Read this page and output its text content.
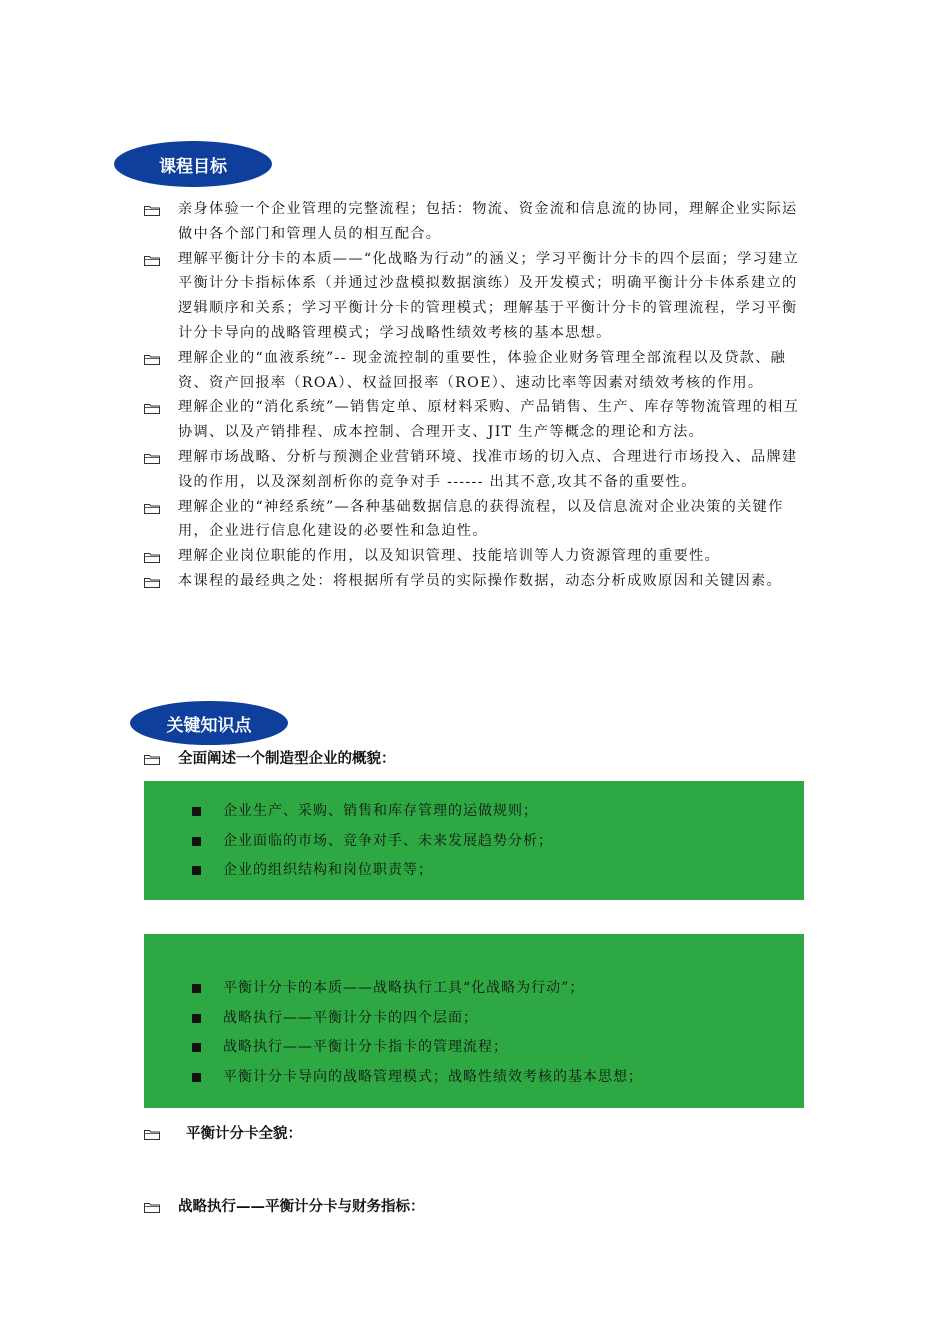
课程目标
亲身体验一个企业管理的完整流程；包括：物流、资金流和信息流的协同，理解企业实际运做中各个部门和管理人员的相互配合。
理解平衡计分卡的本质——“化战略为行动”的涵义；学习平衡计分卡的四个层面；学习建立平衡计分卡指标体系（并通过沙盘模拟数据演练）及开发模式；明确平衡计分卡体系建立的逻辑顺序和关系；学习平衡计分卡的管理模式；理解基于平衡计分卡的管理流程，学习平衡计分卡导向的战略管理模式；学习战略性绩效考核的基本思想。
理解企业的“血液系统”-- 现金流控制的重要性，体验企业财务管理全部流程以及贷款、融资、资产回报率（ROA）、权益回报率（ROE）、速动比率等因素对绩效考核的作用。
理解企业的“消化系统”—销售定单、原材料采购、产品销售、生产、库存等物流管理的相互协调、以及产销排程、成本控制、合理开支、JIT 生产等概念的理论和方法。
理解市场战略、分析与预测企业营销环境、找准市场的切入点、合理进行市场投入、品牌建设的作用，以及深刻剖析你的竞争对手 ------ 出其不意,攻其不备的重要性。
理解企业的“神经系统”—各种基础数据信息的获得流程，以及信息流对企业决策的关键作用，企业进行信息化建设的必要性和急迫性。
理解企业岗位职能的作用，以及知识管理、技能培训等人力资源管理的重要性。
本课程的最经典之处：将根据所有学员的实际操作数据，动态分析成败原因和关键因素。
关键知识点
全面阐述一个制造型企业的概貌：
企业生产、采购、销售和库存管理的运做规则；
企业面临的市场、竞争对手、未来发展趋势分析；
企业的组织结构和岗位职责等；
平衡计分卡的本质——战略执行工具“化战略为行动”；
战略执行——平衡计分卡的四个层面；
战略执行——平衡计分卡指卡的管理流程；
平衡计分卡导向的战略管理模式；战略性绩效考核的基本思想；
平衡计分卡全貌：
战略执行——平衡计分卡与财务指标：
